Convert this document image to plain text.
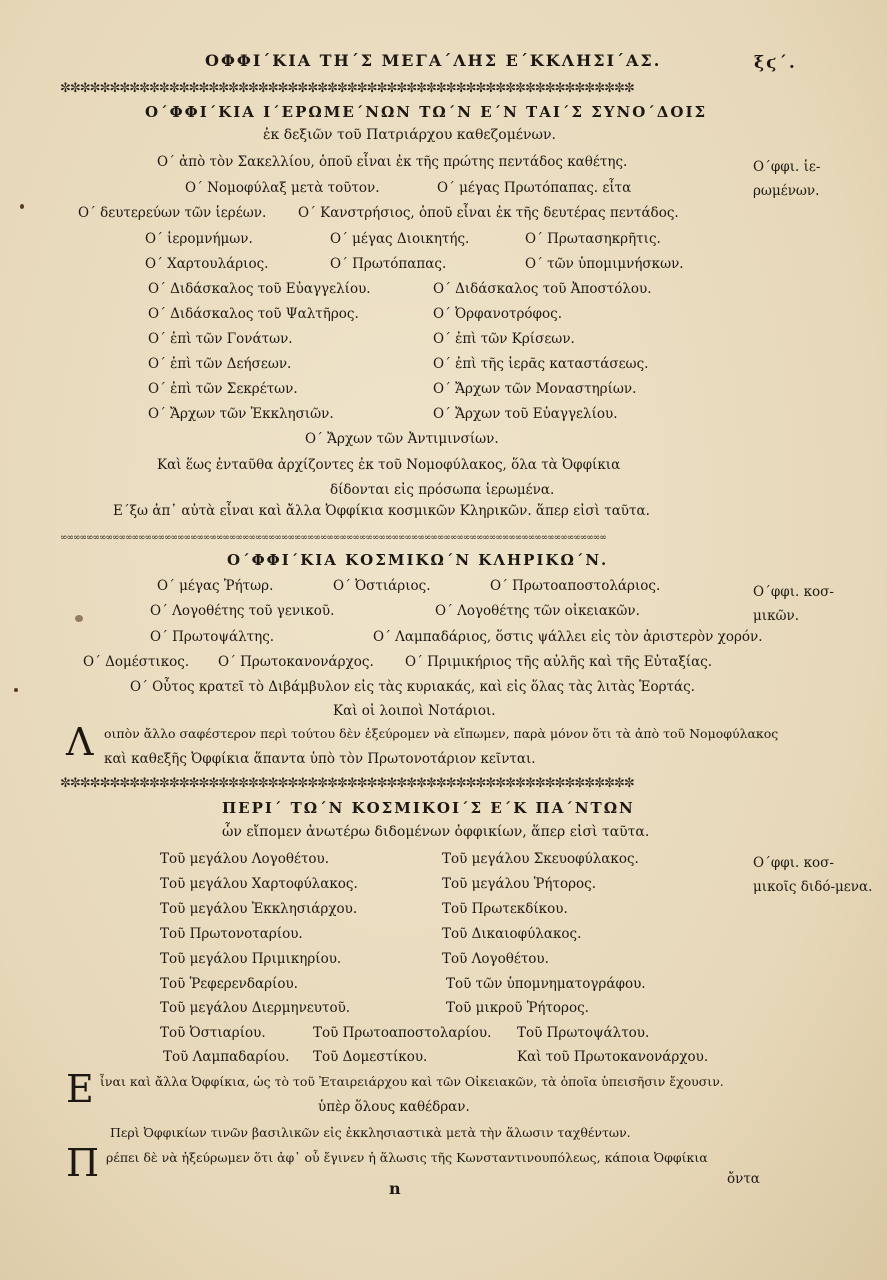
ΟΦΦΙ΄ΚΙΑ ΤΗ΄Σ ΜΕΓΑ΄ΛΗΣ Ε΄ΚΚΛΗΣΙ΄ΑΣ.	ξϛ΄.
✼✼✼✼✼✼✼✼✼✼✼✼✼✼✼✼✼✼✼✼✼✼✼✼✼✼✼✼✼✼✼✼✼✼✼✼✼✼✼✼✼✼✼✼✼✼✼✼✼✼✼✼✼✼✼✼✼✼
Ο΄ΦΦΙ΄ΚΙΑ Ι΄ΕΡΩΜΕ΄ΝΩΝ ΤΩ΄Ν Ε΄Ν ΤΑΙ΄Σ ΣΥΝΟ΄ΔΟΙΣ
ἐκ δεξιῶν τοῦ Πατριάρχου καθεζομένων.
Ο΄ ἀπὸ τὸν Σακελλίου, ὁποῦ εἶναι ἐκ τῆς πρώτης πεντάδος καθέτης.
Ο΄ Νομοφύλαξ μετὰ τοῦτον.	Ο΄ μέγας Πρωτόπαπας. εἶτα
Ο΄ δευτερεύων τῶν ἱερέων. Ο΄ Κανστρήσιος, ὁποῦ εἶναι ἐκ τῆς δευτέρας πεντάδος.
Ο΄ ἱερομνήμων.	Ο΄ μέγας Διοικητής.	Ο΄ Πρωτασηκρῆτις.
Ο΄ Χαρτουλάριος.	Ο΄ Πρωτόπαπας.	Ο΄ τῶν ὑπομιμνήσκων.
Ο΄ Διδάσκαλος τοῦ Εὐαγγελίου.	Ο΄ Διδάσκαλος τοῦ Ἀποστόλου.
Ο΄ Διδάσκαλος τοῦ Ψαλτῆρος.	Ο΄ Ὀρφανοτρόφος.
Ο΄ ἐπὶ τῶν Γονάτων.	Ο΄ ἐπὶ τῶν Κρίσεων.
Ο΄ ἐπὶ τῶν Δεήσεων.	Ο΄ ἐπὶ τῆς ἱερᾶς καταστάσεως.
Ο΄ ἐπὶ τῶν Σεκρέτων.	Ο΄ Ἄρχων τῶν Μοναστηρίων.
Ο΄ Ἄρχων τῶν Ἐκκλησιῶν.	Ο΄ Ἄρχων τοῦ Εὐαγγελίου.
Ο΄ Ἄρχων τῶν Ἀντιμινσίων.
Καὶ ἕως ἐνταῦθα ἀρχίζοντες ἐκ τοῦ Νομοφύλακος, ὅλα τὰ Ὀφφίκια
δίδονται εἰς πρόσωπα ἱερωμένα.
Ε΄ξω ἀπ᾽ αὐτὰ εἶναι καὶ ἄλλα Ὀφφίκια κοσμικῶν Κληρικῶν. ἅπερ εἰσὶ ταῦτα.
Ο΄φφι. ἱε-ρωμένων.
∞∞∞∞∞∞∞∞∞∞∞∞∞∞∞∞∞∞∞∞∞∞∞∞∞∞∞∞∞∞∞∞∞∞∞∞∞∞∞∞∞∞∞∞∞∞∞∞∞∞∞∞∞∞∞∞∞∞∞∞∞∞∞∞∞∞∞∞∞∞∞∞∞∞∞∞∞∞∞∞∞∞∞∞
Ο΄ΦΦΙ΄ΚΙΑ ΚΟΣΜΙΚΩ΄Ν ΚΛΗΡΙΚΩ΄Ν.
Ο΄ μέγας Ῥήτωρ.	Ο΄ Ὀστιάριος.	Ο΄ Πρωτοαποστολάριος.
Ο΄ Λογοθέτης τοῦ γενικοῦ.	Ο΄ Λογοθέτης τῶν οἰκειακῶν.
Ο΄ Πρωτοψάλτης.	Ο΄ Λαμπαδάριος, ὅστις ψάλλει εἰς τὸν ἀριστερὸν χορόν.
Ο΄ Δομέστικος. Ο΄ Πρωτοκανονάρχος. Ο΄ Πριμικήριος τῆς αὐλῆς καὶ τῆς Εὐταξίας.
Ο΄ Οὗτος κρατεῖ τὸ Διβάμβυλον εἰς τὰς κυριακάς, καὶ εἰς ὅλας τὰς λιτὰς Ἑορτάς.
Καὶ οἱ λοιποὶ Νοτάριοι.
Ο΄φφι. κοσ-μικῶν.
Λ οιπὸν ἄλλο σαφέστερον περὶ τούτου δὲν ἐξεύρομεν νὰ εἴπωμεν, παρὰ μόνον ὅτι τὰ ἀπὸ τοῦ Νομοφύλακος
καὶ καθεξῆς Ὀφφίκια ἅπαντα ὑπὸ τὸν Πρωτονοτάριον κεῖνται.
✼✼✼✼✼✼✼✼✼✼✼✼✼✼✼✼✼✼✼✼✼✼✼✼✼✼✼✼✼✼✼✼✼✼✼✼✼✼✼✼✼✼✼✼✼✼✼✼✼✼✼✼✼✼✼✼✼✼
ΠΕΡΙ΄ ΤΩ΄Ν ΚΟΣΜΙΚΟΙ΄Σ Ε΄Κ ΠΑ΄ΝΤΩΝ
ὧν εἴπομεν ἀνωτέρω διδομένων ὀφφικίων, ἅπερ εἰσὶ ταῦτα.
Τοῦ μεγάλου Λογοθέτου.	Τοῦ μεγάλου Σκευοφύλακος.
Τοῦ μεγάλου Χαρτοφύλακος.	Τοῦ μεγάλου Ῥήτορος.
Τοῦ μεγάλου Ἐκκλησιάρχου.	Τοῦ Πρωτεκδίκου.
Τοῦ Πρωτονοταρίου.	Τοῦ Δικαιοφύλακος.
Τοῦ μεγάλου Πριμικηρίου.	Τοῦ Λογοθέτου.
Τοῦ Ῥεφερενδαρίου.	Τοῦ τῶν ὑπομνηματογράφου.
Τοῦ μεγάλου Διερμηνευτοῦ.	Τοῦ μικροῦ Ῥήτορος.
Τοῦ Ὀστιαρίου.	Τοῦ Πρωτοαποστολαρίου. Τοῦ Πρωτοψάλτου.
Τοῦ Λαμπαδαρίου. Τοῦ Δομεστίκου.	Καὶ τοῦ Πρωτοκανονάρχου.
Ο΄φφι. κοσ-μικοῖς διδό-μενα.
Ε ἶναι καὶ ἄλλα Ὀφφίκια, ὡς τὸ τοῦ Ἐταιρειάρχου καὶ τῶν Οἰκειακῶν, τὰ ὁποῖα ὑπεισῆσιν ἔχουσιν.
ὑπὲρ ὅλους καθέδραν.
Περὶ Ὀφφικίων τινῶν βασιλικῶν εἰς ἐκκλησιαστικὰ μετὰ τὴν ἅλωσιν ταχθέντων.
Π ρέπει δὲ νὰ ἠξεύρωμεν ὅτι ἀφ᾽ οὗ ἔγινεν ἡ ἅλωσις τῆς Κωνσταντινουπόλεως, κάποια Ὀφφίκια
ὄντα
n
